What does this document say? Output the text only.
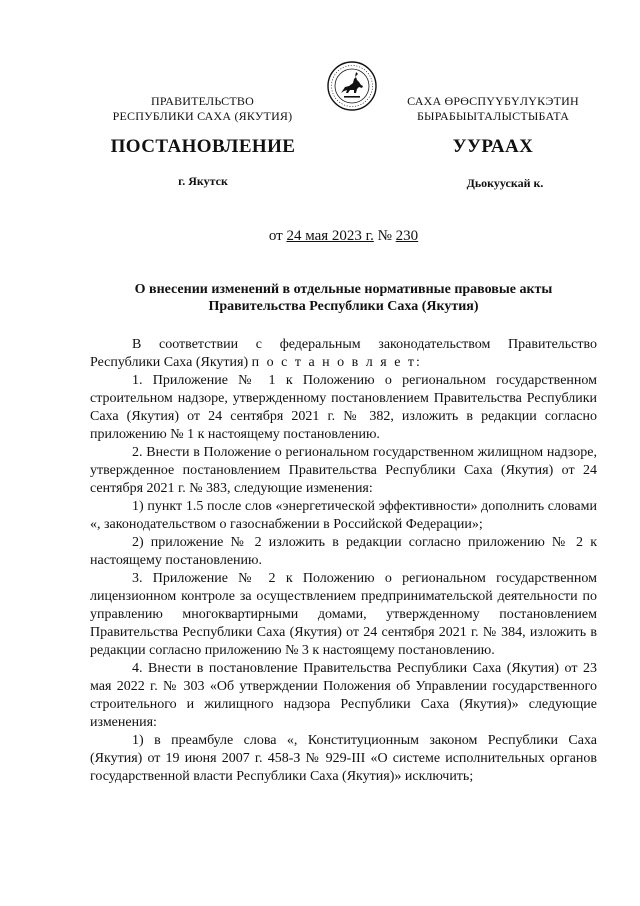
ПРАВИТЕЛЬСТВО
РЕСПУБЛИКИ САХА (ЯКУТИЯ)
САХА ӨРӨСПҮҮБҮЛҮКЭТИН
БЫРАБЫЫТАЛЫСТЫБАТА
ПОСТАНОВЛЕНИЕ	УУРААХ
г. Якутск	Дьокуускай к.
от 24 мая 2023 г. № 230
О внесении изменений в отдельные нормативные правовые акты
Правительства Республики Саха (Якутия)

В соответствии с федеральным законодательством Правительство Республики Саха (Якутия) п о с т а н о в л я е т:

1. Приложение № 1 к Положению о региональном государственном строительном надзоре, утвержденному постановлением Правительства Республики Саха (Якутия) от 24 сентября 2021 г. № 382, изложить в редакции согласно приложению № 1 к настоящему постановлению.

2. Внести в Положение о региональном государственном жилищном надзоре, утвержденное постановлением Правительства Республики Саха (Якутия) от 24 сентября 2021 г. № 383, следующие изменения:

1) пункт 1.5 после слов «энергетической эффективности» дополнить словами «, законодательством о газоснабжении в Российской Федерации»;

2) приложение № 2 изложить в редакции согласно приложению № 2 к настоящему постановлению.

3. Приложение № 2 к Положению о региональном государственном лицензионном контроле за осуществлением предпринимательской деятельности по управлению многоквартирными домами, утвержденному постановлением Правительства Республики Саха (Якутия) от 24 сентября 2021 г. № 384, изложить в редакции согласно приложению № 3 к настоящему постановлению.

4. Внести в постановление Правительства Республики Саха (Якутия) от 23 мая 2022 г. № 303 «Об утверждении Положения об Управлении государственного строительного и жилищного надзора Республики Саха (Якутия)» следующие изменения:

1) в преамбуле слова «, Конституционным законом Республики Саха (Якутия) от 19 июня 2007 г. 458-З № 929-III «О системе исполнительных органов государственной власти Республики Саха (Якутия)» исключить;
